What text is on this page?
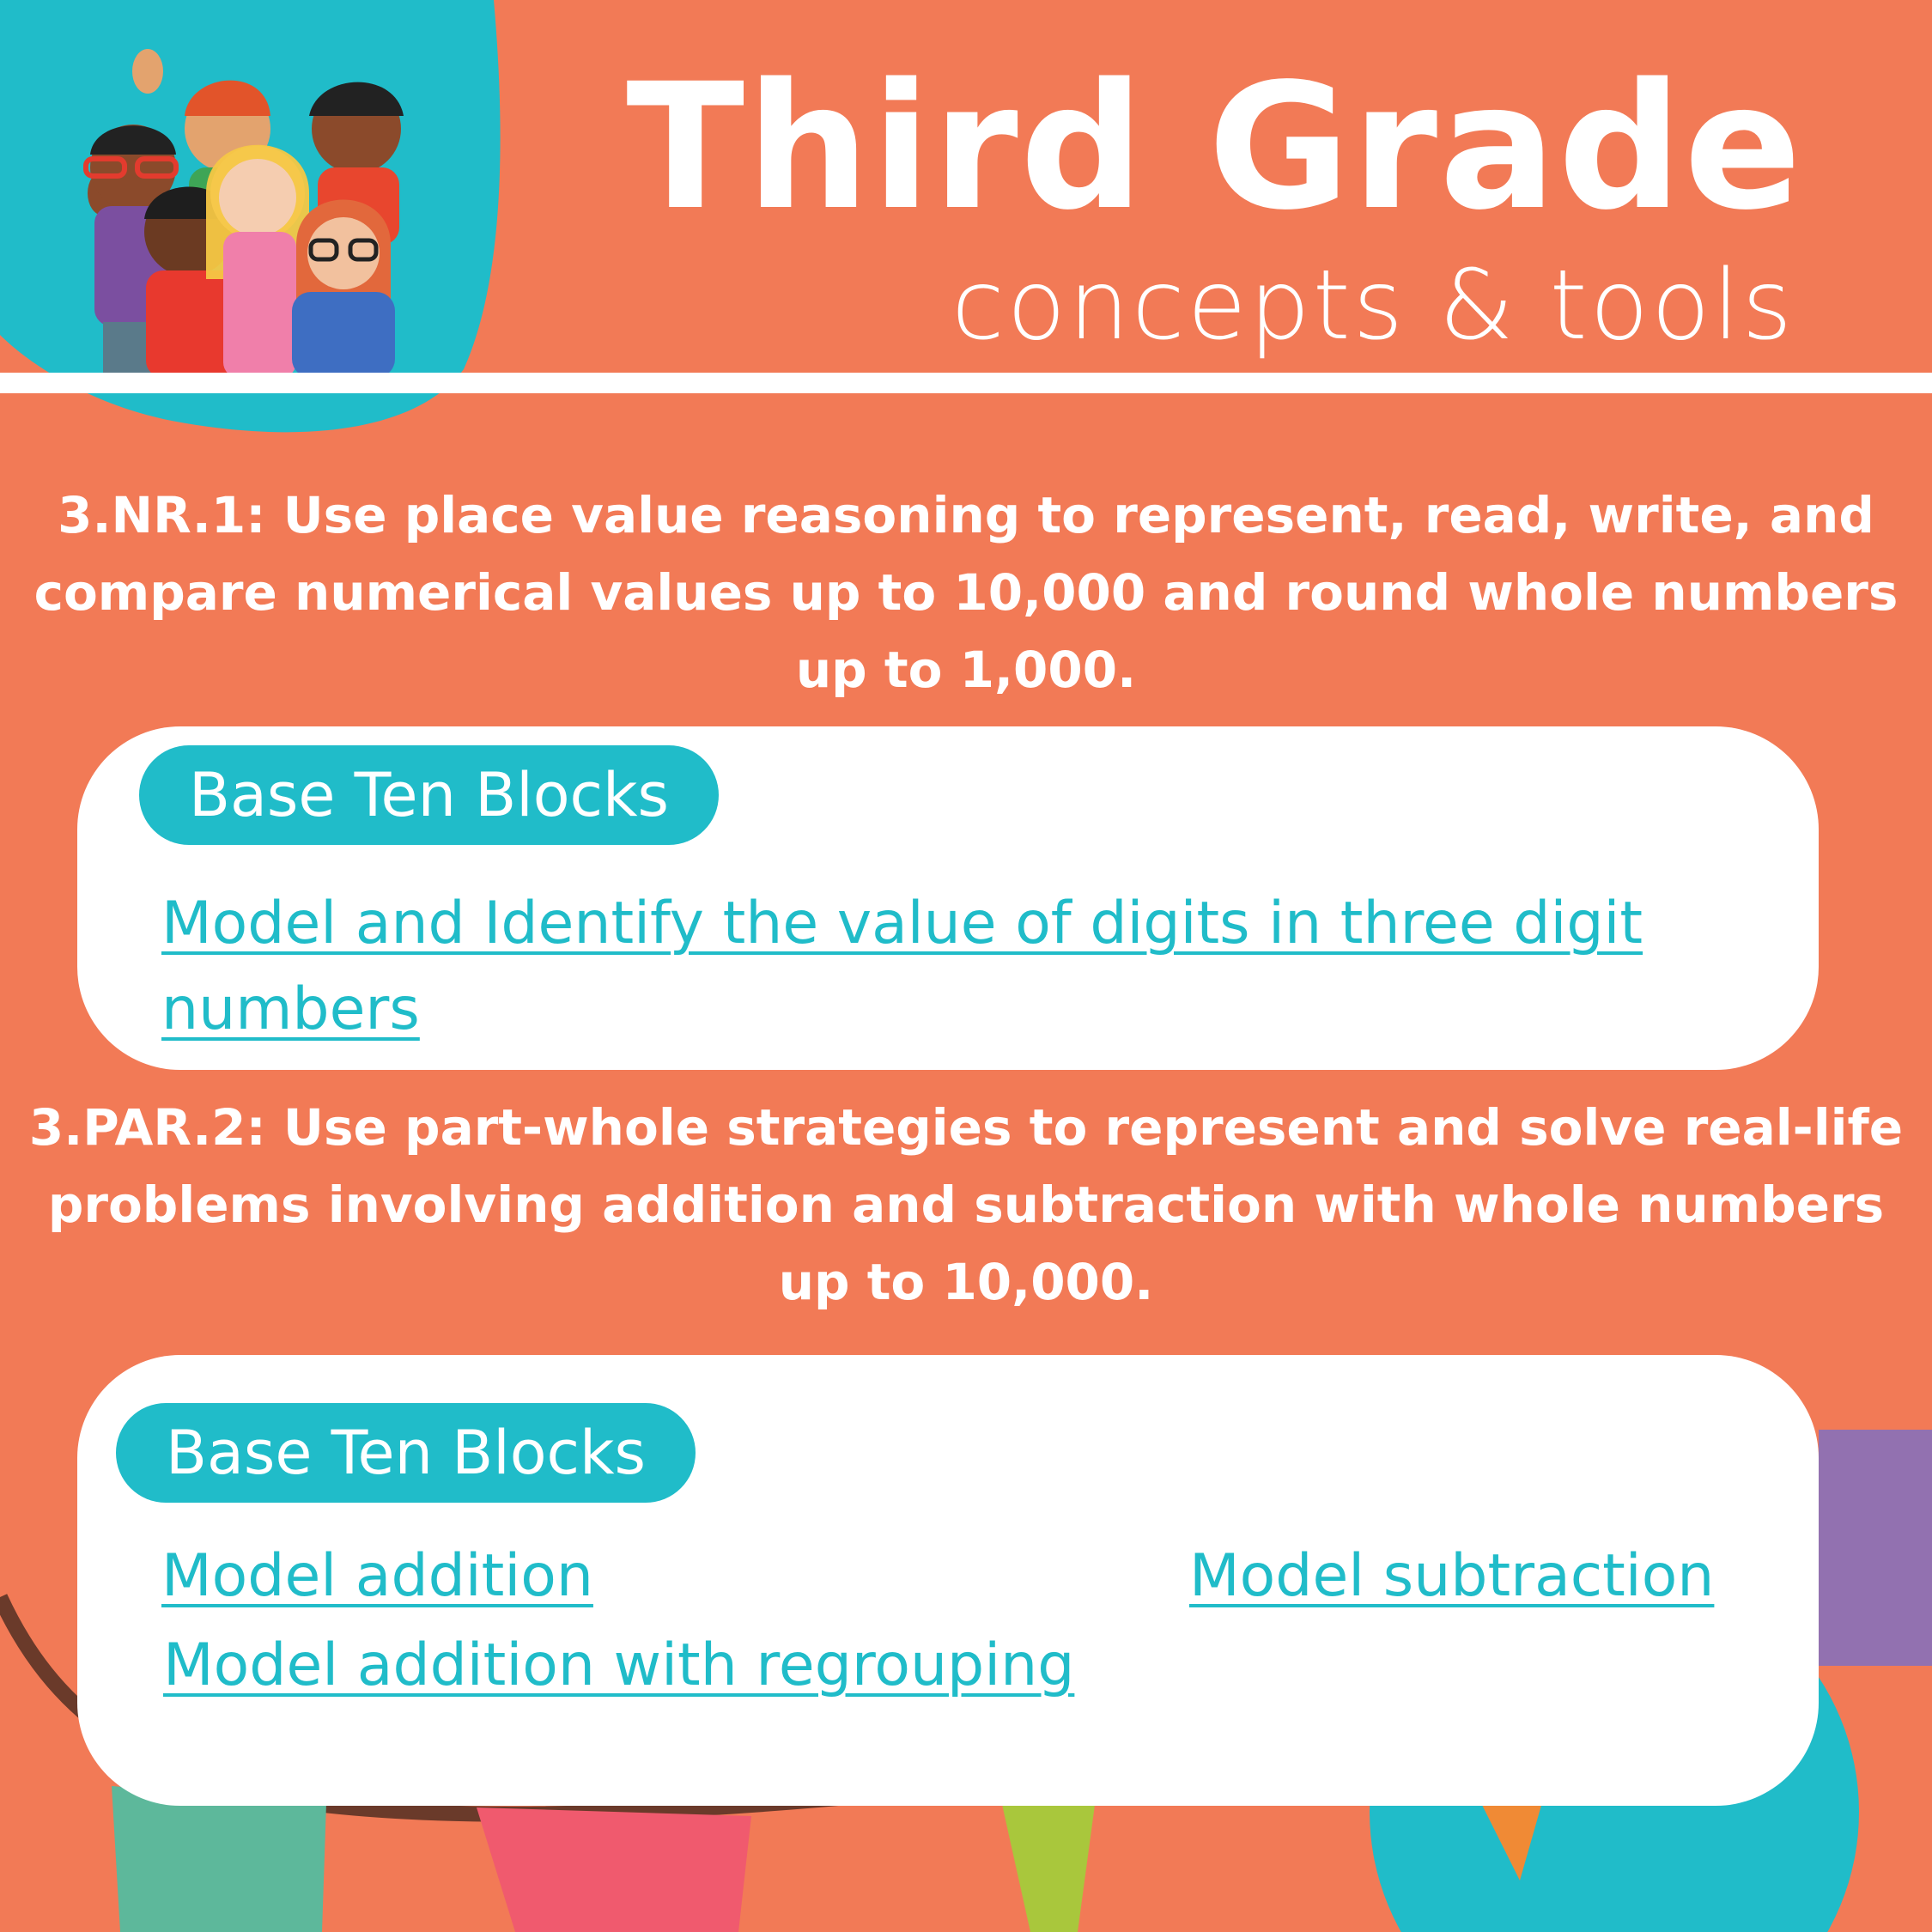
Third Grade
concepts & tools
3.NR.1: Use place value reasoning to represent, read, write, and compare numerical values up to 10,000 and round whole numbers up to 1,000.
Base Ten Blocks
Model and Identify the value of digits in three digit numbers
3.PAR.2: Use part-whole strategies to represent and solve real-life problems involving addition and subtraction with whole numbers up to 10,000.
Base Ten Blocks
Model addition	Model subtraction
Model addition with regrouping
